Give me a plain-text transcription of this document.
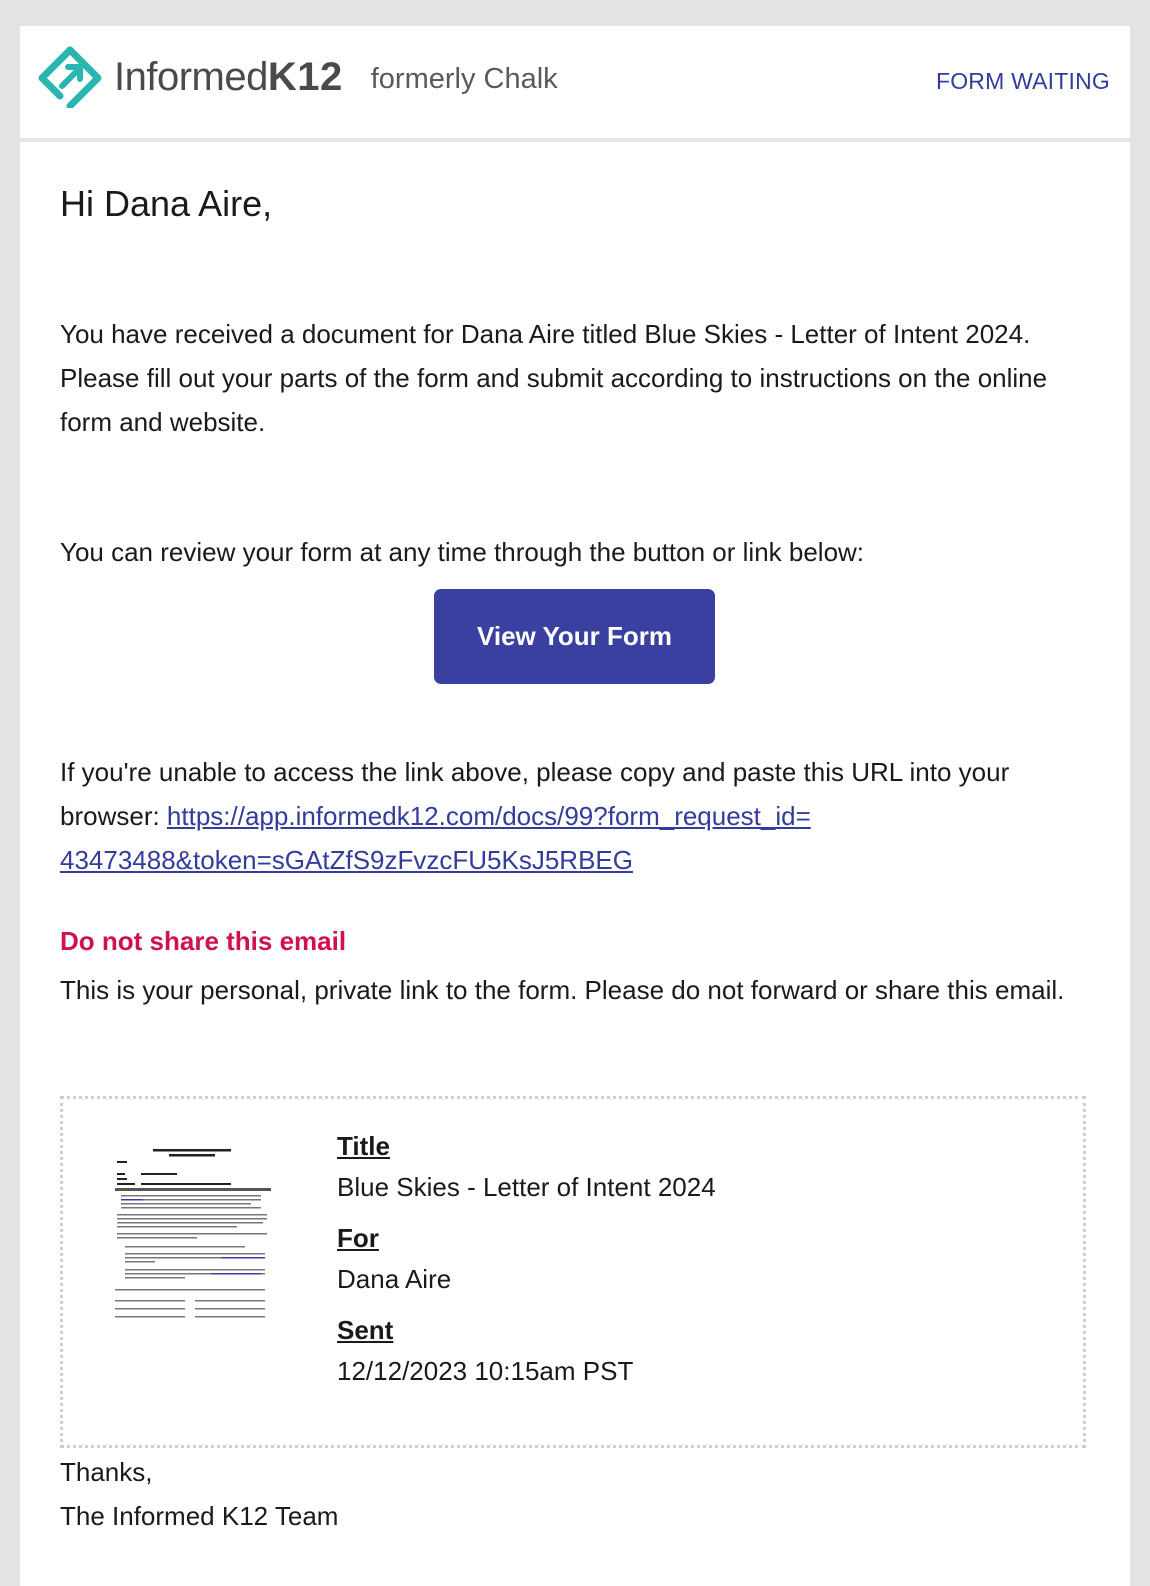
InformedK12 formerly Chalk	FORM WAITING

Hi Dana Aire,

You have received a document for Dana Aire titled Blue Skies - Letter of Intent 2024.
Please fill out your parts of the form and submit according to instructions on the online form and website.

You can review your form at any time through the button or link below:

View Your Form

If you're unable to access the link above, please copy and paste this URL into your browser: https://app.informedk12.com/docs/99?form_request_id=
43473488&token=sGAtZfS9zFvzcFU5KsJ5RBEG

Do not share this email

This is your personal, private link to the form. Please do not forward or share this email.

Title

Blue Skies - Letter of Intent 2024

For

Dana Aire

Sent

12/12/2023 10:15am PST

Thanks,
The Informed K12 Team
